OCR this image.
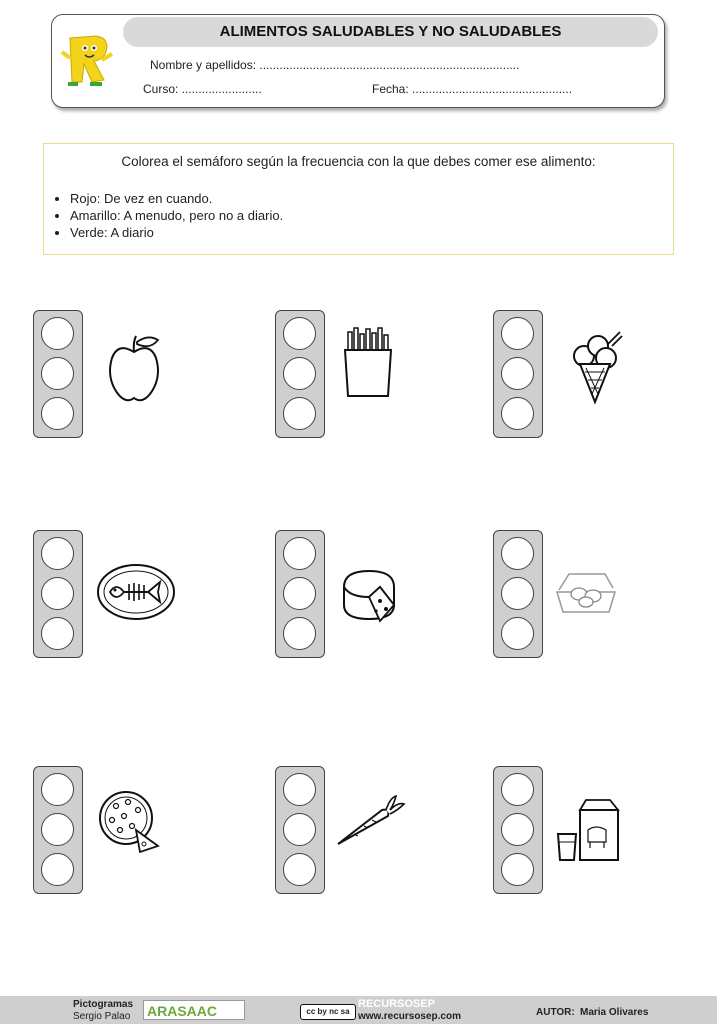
ALIMENTOS SALUDABLES Y NO SALUDABLES
Nombre y apellidos: ..............................................................................
Curso: ........................	Fecha: ................................................
Colorea el semáforo según la frecuencia con la que debes comer ese alimento:
• Rojo: De vez en cuando.
• Amarillo: A menudo, pero no a diario.
• Verde: A diario
Pictogramas
Sergio Palao ARASAAC	cc by nc sa
RECURSOSEP
www.recursosep.com	AUTOR: Maria Olivares
